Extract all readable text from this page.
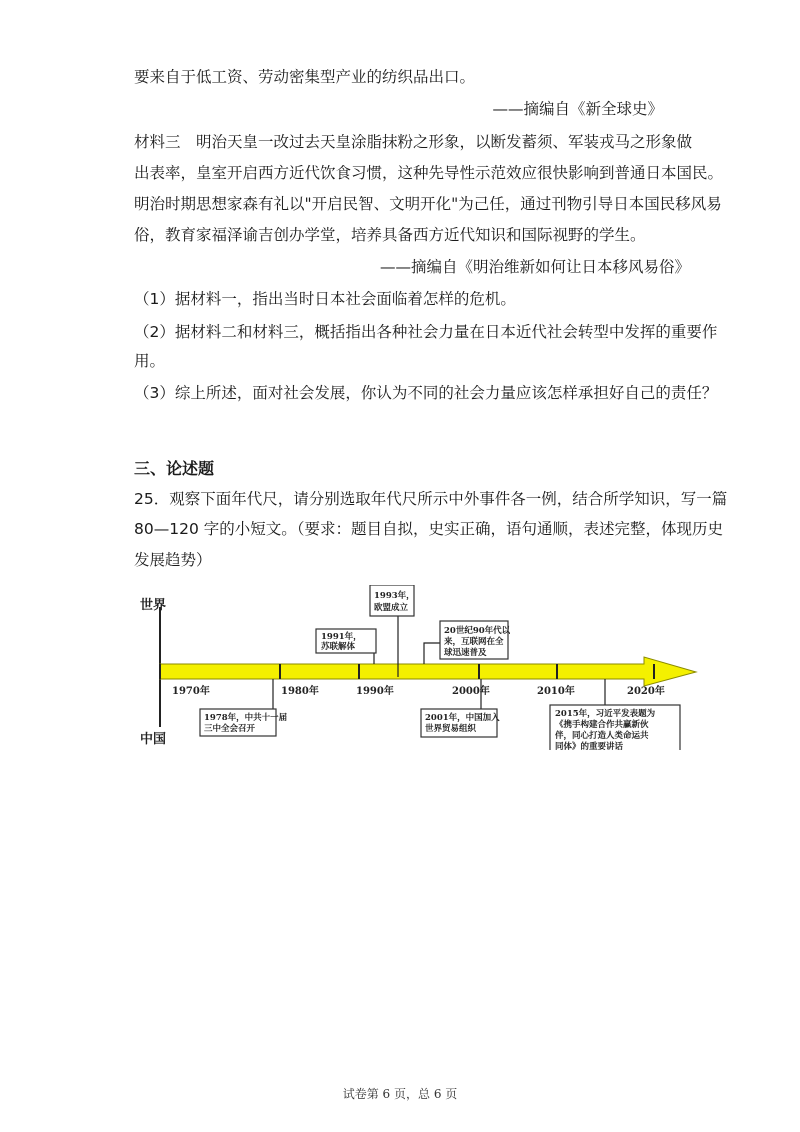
要来自于低工资、劳动密集型产业的纺织品出口。
——摘编自《新全球史》
材料三　明治天皇一改过去天皇涂脂抹粉之形象，以断发蓄须、军装戎马之形象做
出表率，皇室开启西方近代饮食习惯，这种先导性示范效应很快影响到普通日本国民。
明治时期思想家森有礼以"开启民智、文明开化"为己任，通过刊物引导日本国民移风易
俗，教育家福泽谕吉创办学堂，培养具备西方近代知识和国际视野的学生。
——摘编自《明治维新如何让日本移风易俗》
（1）据材料一，指出当时日本社会面临着怎样的危机。
（2）据材料二和材料三，概括指出各种社会力量在日本近代社会转型中发挥的重要作
用。
（3）综上所述，面对社会发展，你认为不同的社会力量应该怎样承担好自己的责任？
三、论述题
25．观察下面年代尺，请分别选取年代尺所示中外事件各一例，结合所学知识，写一篇
80—120 字的小短文。（要求：题目自拟，史实正确，语句通顺，表述完整，体现历史
发展趋势）
世界
中国
1970年	1980年	1990年	2000年	2010年	2020年
1991年，
苏联解体
1993年，
欧盟成立
20世纪90年代以
来，互联网在全
球迅速普及
1978年，中共十一届
三中全会召开
2001年，中国加入
世界贸易组织
2015年，习近平发表题为
《携手构建合作共赢新伙
伴，同心打造人类命运共
同体》的重要讲话
试卷第 6 页，总 6 页
